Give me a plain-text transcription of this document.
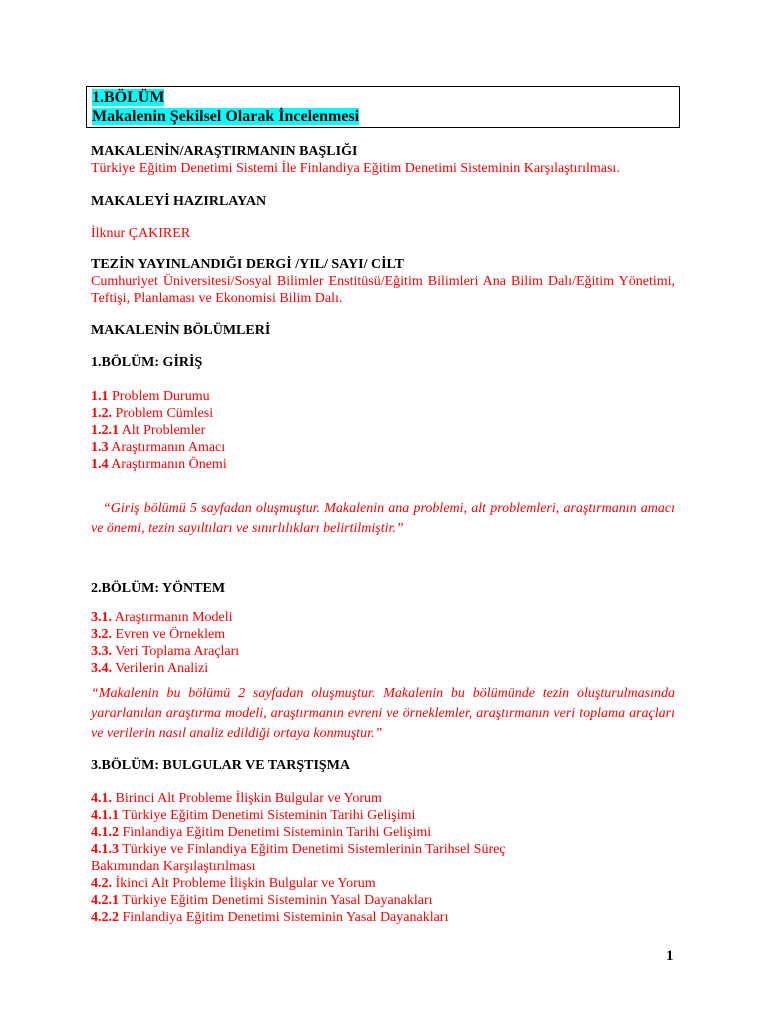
1.BÖLÜM
Makalenin Şekilsel Olarak İncelenmesi
MAKALENİN/ARAŞTIRMANIN BAŞLIĞI
Türkiye Eğitim Denetimi Sistemi İle Finlandiya Eğitim Denetimi Sisteminin Karşılaştırılması.
MAKALEYİ HAZIRLAYAN
İlknur ÇAKIRER
TEZİN YAYINLANDIĞI DERGİ /YIL/ SAYI/ CİLT
Cumhuriyet Üniversitesi/Sosyal Bilimler Enstitüsü/Eğitim Bilimleri Ana Bilim Dalı/Eğitim Yönetimi, Teftişi, Planlaması ve Ekonomisi Bilim Dalı.
MAKALENİN BÖLÜMLERİ
1.BÖLÜM: GİRİŞ
1.1 Problem Durumu
1.2. Problem Cümlesi
1.2.1 Alt Problemler
1.3 Araştırmanın Amacı
1.4 Araştırmanın Önemi
“Giriş bölümü 5 sayfadan oluşmuştur. Makalenin ana problemi, alt problemleri, araştırmanın amacı ve önemi, tezin sayıltıları ve sınırlılıkları belirtilmiştir.”
2.BÖLÜM: YÖNTEM
3.1. Araştırmanın Modeli
3.2. Evren ve Örneklem
3.3. Veri Toplama Araçları
3.4. Verilerin Analizi
“Makalenin bu bölümü 2 sayfadan oluşmuştur. Makalenin bu bölümünde tezin oluşturulmasında yararlanılan araştırma modeli, araştırmanın evreni ve örneklemler, araştırmanın veri toplama araçları ve verilerin nasıl analiz edildiği ortaya konmuştur.”
3.BÖLÜM: BULGULAR VE TARŞTIŞMA
4.1. Birinci Alt Probleme İlişkin Bulgular ve Yorum
4.1.1 Türkiye Eğitim Denetimi Sisteminin Tarihi Gelişimi
4.1.2 Finlandiya Eğitim Denetimi Sisteminin Tarihi Gelişimi
4.1.3 Türkiye ve Finlandiya Eğitim Denetimi Sistemlerinin Tarihsel Süreç Bakımından Karşılaştırılması
4.2. İkinci Alt Probleme İlişkin Bulgular ve Yorum
4.2.1 Türkiye Eğitim Denetimi Sisteminin Yasal Dayanakları
4.2.2 Finlandiya Eğitim Denetimi Sisteminin Yasal Dayanakları
1
